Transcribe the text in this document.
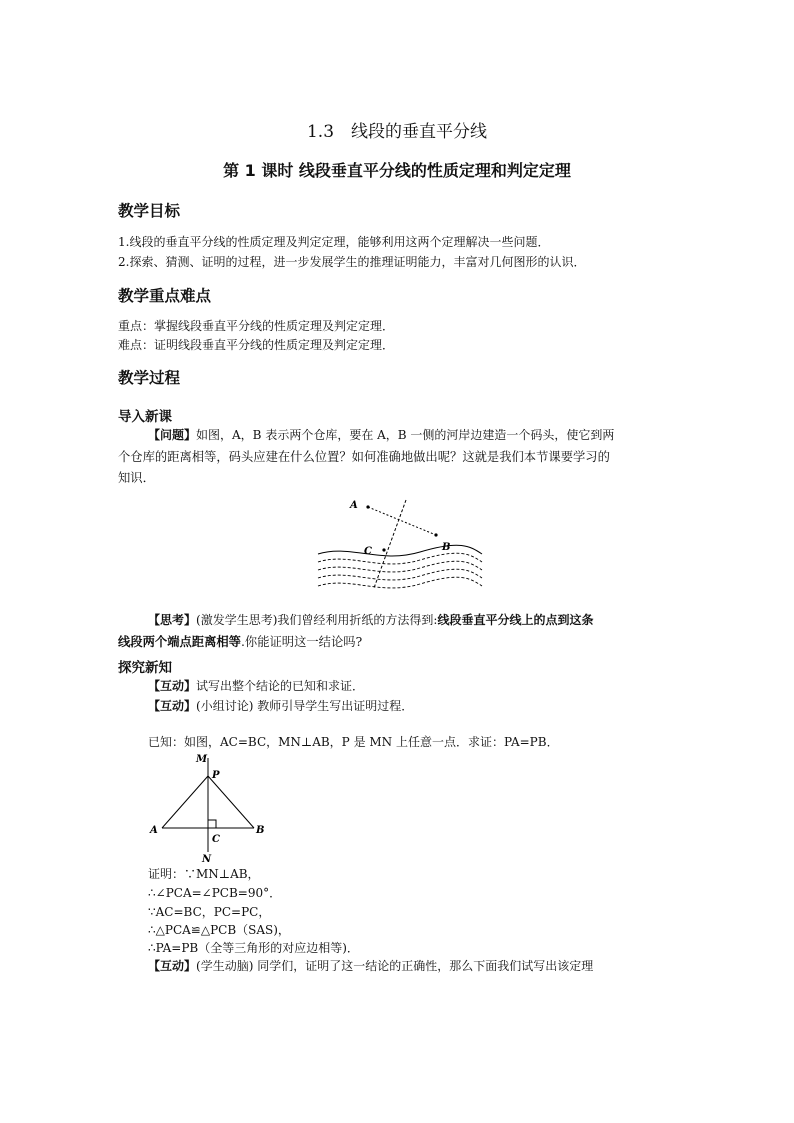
1.3　线段的垂直平分线
第 1 课时 线段垂直平分线的性质定理和判定定理
教学目标
1.线段的垂直平分线的性质定理及判定定理，能够利用这两个定理解决一些问题．
2.探索、猜测、证明的过程，进一步发展学生的推理证明能力，丰富对几何图形的认识．
教学重点难点
重点：掌握线段垂直平分线的性质定理及判定定理．
难点：证明线段垂直平分线的性质定理及判定定理．
教学过程
导入新课
【问题】如图，A，B 表示两个仓库，要在 A，B 一侧的河岸边建造一个码头，使它到两
个仓库的距离相等，码头应建在什么位置？如何准确地做出呢？这就是我们本节课要学习的
知识．
A
B
C
【思考】(激发学生思考)我们曾经利用折纸的方法得到:线段垂直平分线上的点到这条
线段两个端点距离相等.你能证明这一结论吗?
探究新知
【互动】试写出整个结论的已知和求证．
【互动】(小组讨论) 教师引导学生写出证明过程．
已知：如图，AC=BC，MN⊥AB，P 是 MN 上任意一点．求证：PA=PB．
M
P
A	B
C
N
证明：∵MN⊥AB，
∴∠PCA=∠PCB=90°．
∵AC=BC，PC=PC，
∴△PCA≌△PCB（SAS)，
∴PA=PB（全等三角形的对应边相等)．
【互动】(学生动脑) 同学们，证明了这一结论的正确性，那么下面我们试写出该定理
